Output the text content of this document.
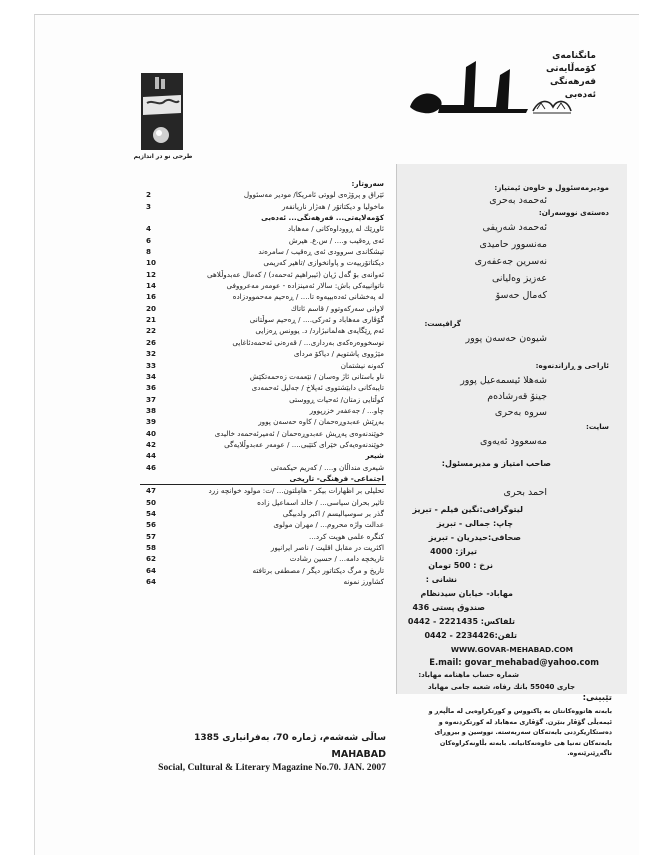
مانگنامەی
كۆمەڵایەتی
فەرهەنگی
ئەدەبی
طرحی نو در اندازیم
سەروتار:
ئێراق و پرۆژەی لووتی ئامریكا/ مودیر مەسئوول
2
ماخولیا و دیكتاتۆر / هەژار ناریانفەر
3
كۆمەلایەتی... فەرهەنگی... ئەدەبی
ئاوڕێك لە ڕووداوەكانی / مەهاباد
4
ئەی ڕەقیب و.... / س.ع. هیرش
6
تیشكاندی سروودی ئەی ڕەقیب / سامرەند
8
دیكتاتۆرییەت و پاوانخوازی /تاهیر كەریمی
10
ئەوانەی بۆ گەل ژیان (ئیبراهیم ئەحمەد) / كەمال عەبدوڵلاهی
12
ناتوانییەكی باش: سالار ئەمینزادە - عومەر مەعرووفی
14
لە پەخشانی ئەدەبییەوە تا.... / ڕەحیم مەحموودزادە
16
لاوانی سەركەوتوو / قاسم ئاتاك
20
گۆڤاری مەهاباد و ئەركی.... / ڕەحیم سوڵتانی
21
ئەم ڕێگایەی هەلمانبژارد/ د. یوونس ڕەزایی
22
نوسخووەرەكەی بەرداری... / قەرەنی ئەحمەدئاغایی
26
مێژووی پاشتویم / دیاكۆ مردای
32
كەونە نیشتمان
33
ناو باستانی ئاژ وەسان / نێعمەت زەحمەتكێش
34
تایبەكانی دابێشتووی ئەپلاخ / جەلیل ئەحمەدی
36
كوڵتایی زمتان/ ئەحیات ڕووستی
37
چاو... / جەعفەر خزرپوور
38
بەڕێش عەبدوڕەحمان / كاوە حەسەن پوور
39
خوێندنەوەی پەڕیش عەبدوڕەحمان / ئەمیرئەحمەد خالیدی
40
خوێندنەوەیەكی خێرای كتێبی.... / عومەر عەبدوڵلایەگی
42
شیعر
44
شیعری منداڵان و.... / كەریم حیكمەتی
46
اجتماعی- فرهنگی- تاریخی
تحلیلی بر اظهارات بیكر - هامِلتون... /ت: مولود خوانچه زرد
47
تاثیر بحران سیاسی... / خالد اسماعیل زاده
50
گذر بر سوسیالیسم / اكبر ولدبیگی
54
عدالت واژه محروم... / مهران مولوی
56
كنگره علمی هویت كرد...
57
اكثریت در مقابل اقلیت / ناصر ایرانپور
58
تاریخچه دامه... / حسین رشادت
62
تاریخ و مرگ دیكتاتور دیگر / مصطفی برتافته
64
كشاورز نمونه
64
ساڵی شەشەم، ژمارە 70، بەفرانباری 1385
MAHABAD
Social, Cultural & Literary Magazine No.70. JAN. 2007
مودیرمەسئوول و خاوەن ئیمتیاز:
ئەحمەد بەحری
دەستەی نووسەران:
ئەحمەد شەریفی
مەنسوور حامیدی
نەسرین جەعفەری
عەزیز وەلیانی
كەمال حەسۆ
گرافیست:
شیوەن حەسەن پوور
ئاراحی و ڕازاندنەوە:
شەهلا ئیسمەعیل پوور
جینۆ قەرشادەم
سروە بەحری
سایت:
مەسعوود ئەیەوی
صاحب امتیاز و مدیرمسئول:
احمد بحری
لیتوگرافی:نگین فیلم - تبریز
چاپ: جمالی - تبریز
صحافی:حیدریان - تبریز
تیراژ: 4000
نرخ : 500 تومان
نشانی :
مهاباد- خیابان سیدنظام
صندوق پستی 436
تلفاكس: 2221435 - 0442
تلفن:2234426 - 0442
WWW.GOVAR-MEHABAD.COM
E.mail: govar_mehabad@yahoo.com
شماره حساب ماهنامه مهاباد:
جاری 55040 بانك رفاه، شعبه جامی مهاباد
تێبینی:
بابەتە هاتووەكانتان بە پاكنووس و كورتكراوەیی لە ماڵپەڕ و ئیمەیڵی گۆڤار بنێرن. گۆڤاری مەهاباد لە كورتكردنەوە و دەستكاریكردنی بابەتەكان سەربەستە. نووسین و بیروڕای بابەتەكان تەنیا هی خاوەنەكانیانە. بابەتە بڵاونەكراوەكان ناگەڕێنرێنەوە.
